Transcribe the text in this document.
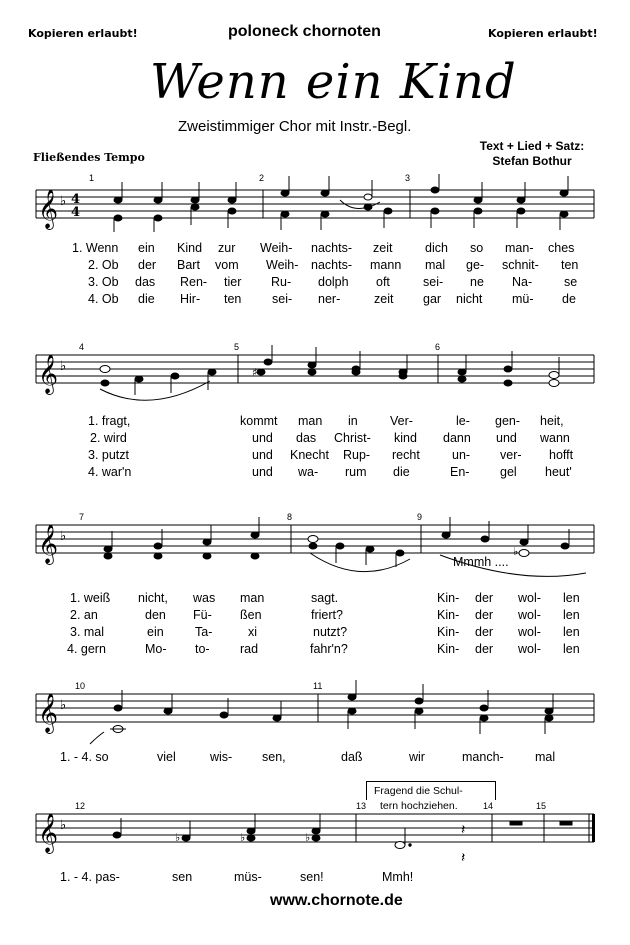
Kopieren erlaubt!	poloneck chornoten	Kopieren erlaubt!
Wenn ein Kind
Zweistimmiger Chor mit Instr.-Begl.
Text + Lied + Satz:
Stefan Bothur
Fließendes Tempo
1	2	3
4	5	6
7	8	9
10	11
12	13	14	15
𝄞 ♭ 4
4
1. Wenn ein Kind zur Weih- nachts- zeit	dich so man- ches
2. Ob der Bart vom Weih- nachts- mann mal ge- schnit- ten
3. Ob das Ren- tier Ru- dolph oft	sei- ne Na-	se
4. Ob die Hir- ten sei- ner-	zeit gar nicht mü- de
𝄞 ♭	♯
1. fragt,	kommt man in	Ver-	le- gen- heit,
2. wird	und das Christ- kind dann und wann
3. putzt	und Knecht Rup- recht	un- ver- hofft
4. war'n	und wa- rum die	En- gel heut'
𝄞 ♭
♭
Mmmh ....
1. weiß nicht, was man	sagt.	Kin- der wol- len
2. an	den Fü- ßen	friert?	Kin- der wol- len
3. mal	ein	Ta-	xi	nutzt?	Kin- der wol- len
4. gern	Mo- to- rad	fahr'n?	Kin- der wol- len
𝄞 ♭
1. - 4. so	viel	wis- sen,	daß	wir	manch-	mal
Fragend die Schul-
tern hochziehen.
𝄞 ♭
♭	♭	♭	𝄽
𝄽
1. - 4. pas-	sen	müs-	sen!	Mmh!
www.chornote.de
